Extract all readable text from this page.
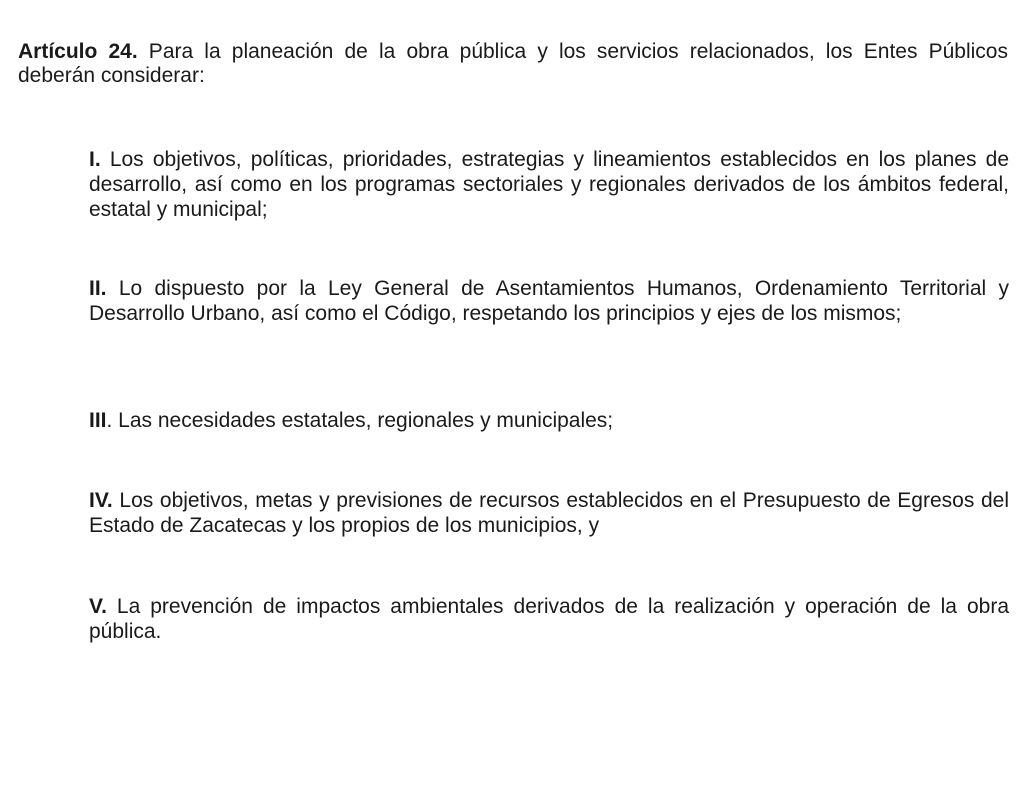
Artículo 24. Para la planeación de la obra pública y los servicios relacionados, los Entes Públicos deberán considerar:

I. Los objetivos, políticas, prioridades, estrategias y lineamientos establecidos en los planes de desarrollo, así como en los programas sectoriales y regionales derivados de los ámbitos federal, estatal y municipal;

II. Lo dispuesto por la Ley General de Asentamientos Humanos, Ordenamiento Territorial y Desarrollo Urbano, así como el Código, respetando los principios y ejes de los mismos;

III. Las necesidades estatales, regionales y municipales;

IV. Los objetivos, metas y previsiones de recursos establecidos en el Presupuesto de Egresos del Estado de Zacatecas y los propios de los municipios, y

V. La prevención de impactos ambientales derivados de la realización y operación de la obra pública.
